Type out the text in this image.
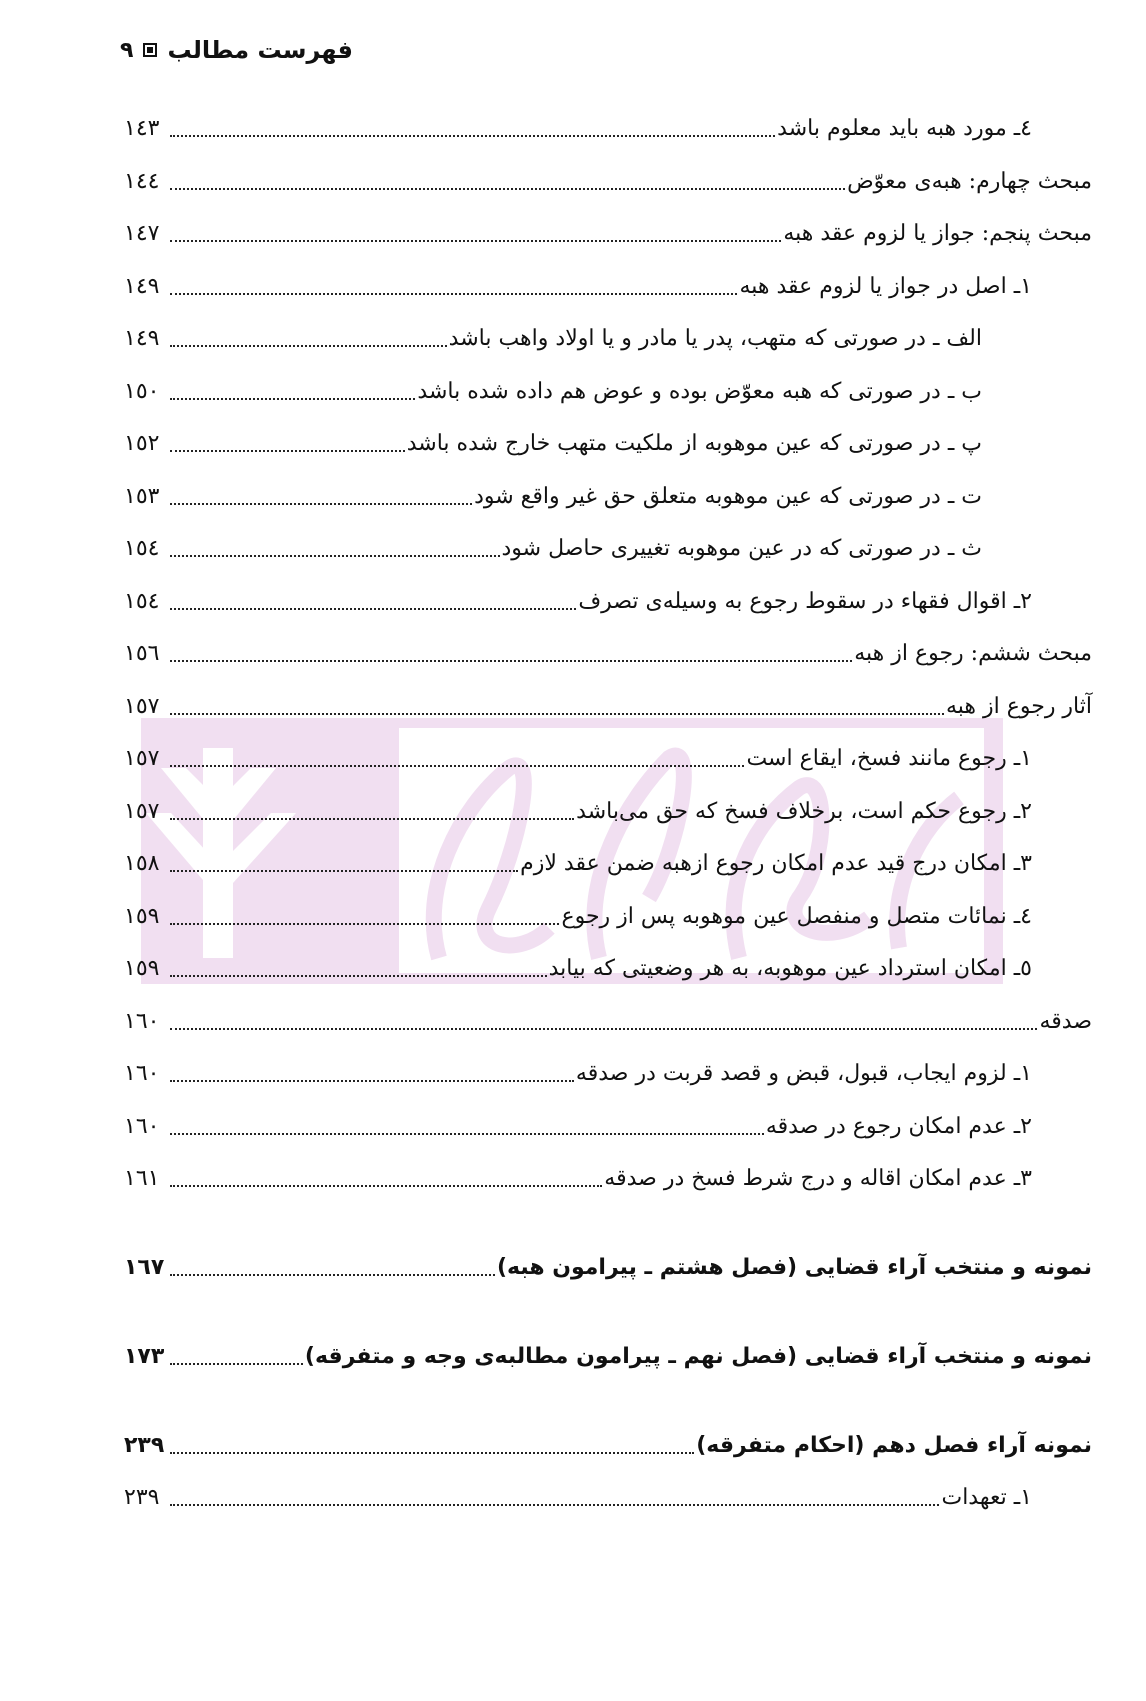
فهرست مطالب
٩
٤ـ مورد هبه باید معلوم باشد
١٤٣
مبحث چهارم: هبه‌ی معوّض
١٤٤
مبحث پنجم: جواز یا لزوم عقد هبه
١٤٧
١ـ اصل در جواز یا لزوم عقد هبه
١٤٩
الف ـ در صورتی که متهب، پدر یا مادر و یا اولاد واهب باشد
١٤٩
ب ـ در صورتی که هبه معوّض بوده و عوض هم داده شده باشد
١٥٠
پ ـ در صورتی که عین موهوبه از ملکیت متهب خارج شده باشد
١٥٢
ت ـ در صورتی که عین موهوبه متعلق حق غیر واقع شود
١٥٣
ث ـ در صورتی که در عین موهوبه تغییری حاصل شود
١٥٤
٢ـ اقوال فقهاء در سقوط رجوع به وسیله‌ی تصرف
١٥٤
مبحث ششم: رجوع از هبه
١٥٦
آثار رجوع از هبه
١٥٧
١ـ رجوع مانند فسخ، ایقاع است
١٥٧
٢ـ رجوع حکم است، برخلاف فسخ که حق می‌باشد
١٥٧
٣ـ امکان درج قید عدم امکان رجوع ازهبه ضمن عقد لازم
١٥٨
٤ـ نمائات متصل و منفصل عین موهوبه پس از رجوع
١٥٩
٥ـ امکان استرداد عین موهوبه، به هر وضعیتی که بیابد
١٥٩
صدقه
١٦٠
١ـ لزوم ایجاب، قبول، قبض و قصد قربت در صدقه
١٦٠
٢ـ عدم امکان رجوع در صدقه
١٦٠
٣ـ عدم امکان اقاله و درج شرط فسخ در صدقه
١٦١
نمونه و منتخب آراء قضایی (فصل هشتم ـ پیرامون هبه)
١٦٧
نمونه و منتخب آراء قضایی (فصل نهم ـ پیرامون مطالبه‌ی وجه و متفرقه)
١٧٣
نمونه آراء فصل دهم (احکام متفرقه)
٢٣٩
١ـ تعهدات
٢٣٩
